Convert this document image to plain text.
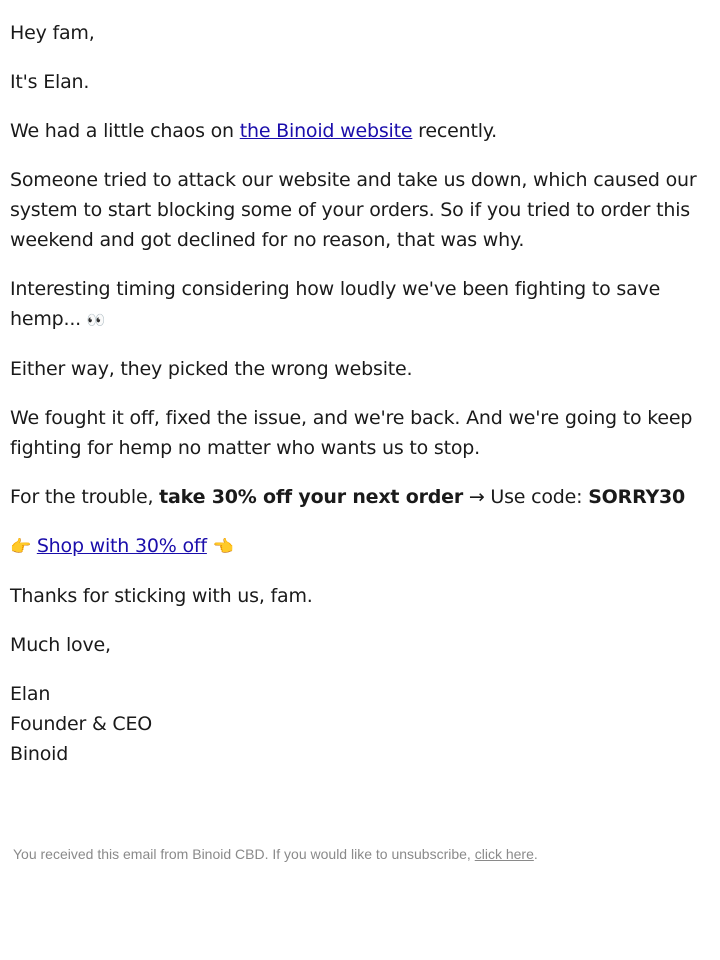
Hey fam,

It's Elan.

We had a little chaos on the Binoid website recently.

Someone tried to attack our website and take us down, which caused our system to start blocking some of your orders. So if you tried to order this weekend and got declined for no reason, that was why.

Interesting timing considering how loudly we've been fighting to save hemp... 👀

Either way, they picked the wrong website.

We fought it off, fixed the issue, and we're back. And we're going to keep fighting for hemp no matter who wants us to stop.

For the trouble, take 30% off your next order → Use code: SORRY30

👉 Shop with 30% off 👈

Thanks for sticking with us, fam.

Much love,

Elan
Founder & CEO
Binoid

You received this email from Binoid CBD. If you would like to unsubscribe, click here.
